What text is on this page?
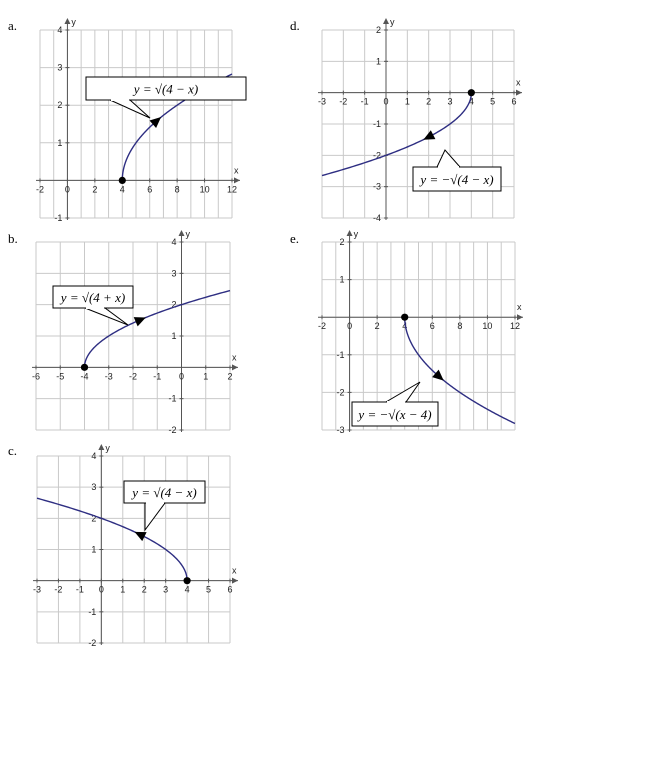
a.
x
y
-2 0 2 4 6 8 10 12
4
3
2
1
-1
y = √(4 − x)
b.
x
y
-6 -5 -4 -3 -2 -1 0 1 2
4
3
2
1
-1
-2
y = √(4 + x)
c.
x
y
-3 -2 -1 0 1 2 3 4 5 6
4
3
2
1
-1
-2
y = √(4 − x)
d.
x
y
-3 -2 -1 0 1 2 3 4 5 6
2
1
-1
-2
-3
-4
y = −√(4 − x)
e.
x
y
-2 0	2	4	6	8 10 12
2
1
-1
-2
-3
y = −√(x − 4)
